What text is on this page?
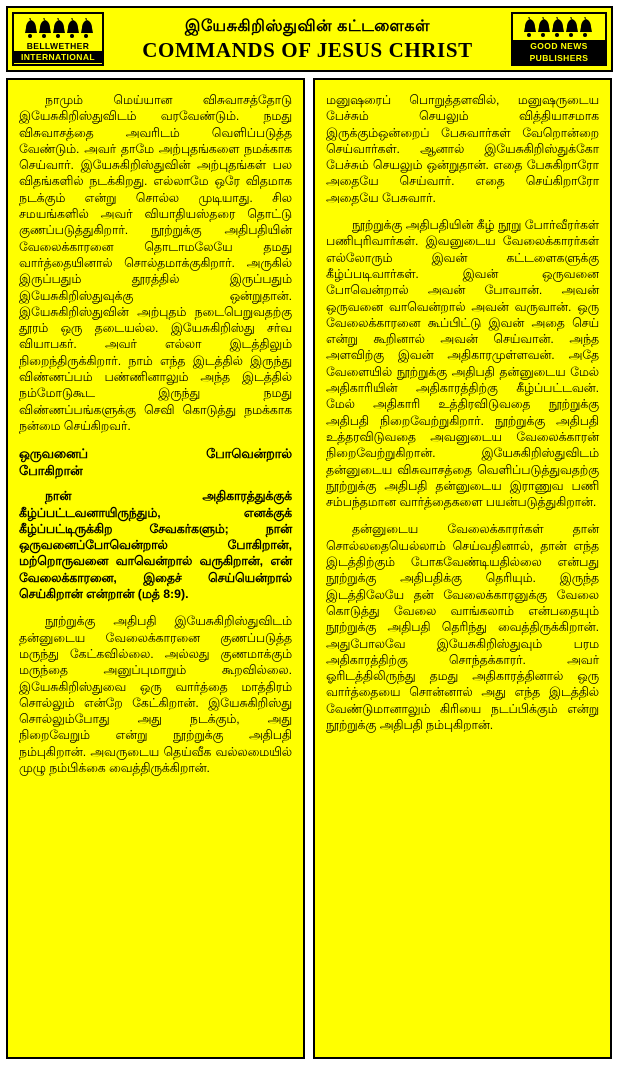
BELLWETHER
INTERNATIONAL
இயேசுகிறிஸ்துவின் கட்டளைகள்
COMMANDS OF JESUS CHRIST	GOOD NEWS
PUBLISHERS

நாமும் மெய்யான விசுவாசத்தோடு இயேசுகிறிஸ்துவிடம் வரவேண்டும். நமது விசுவாசத்தை அவரிடம் வெளிப்படுத்த வேண்டும். அவர் தாமே அற்புதங்களை நமக்காக செய்வார். இயேசுகிறிஸ்துவின் அற்புதங்கள் பல விதங்களில் நடக்கிறது. எல்லாமே ஒரே விதமாக நடக்கும் என்று சொல்ல முடியாது. சில சமயங்களில் அவர் வியாதியஸ்தரை தொட்டு குணப்படுத்துகிறார். நூற்றுக்கு அதிபதியின் வேலைக்காரனை தொடாமலேயே தமது வார்த்தையினால் சொல்தமாக்குகிறார். அருகில் இருப்பதும் தூரத்தில் இருப்பதும் இயேசுகிறிஸ்துவுக்கு ஒன்றுதான். இயேசுகிறிஸ்துவின் அற்புதம் நடைபெறுவதற்கு தூரம் ஒரு தடையல்ல. இயேசுகிறிஸ்து சர்வ வியாபகர். அவர் எல்லா இடத்திலும் நிறைந்திருக்கிறார். நாம் எந்த இடத்தில் இருந்து விண்ணப்பம் பண்ணினாலும் அந்த இடத்தில் நம்மோடுகூட இருந்து நமது விண்ணப்பங்களுக்கு செவி கொடுத்து நமக்காக நன்மை செய்கிறவர்.

ஒருவனைப்	போவென்றால்
போகிறான்

நான் அதிகாரத்துக்குக் கீழ்ப்பட்டவனாயிருந்தும், எனக்குக் கீழ்ப்பட்டிருக்கிற சேவகர்களும்; நான் ஒருவனைப்போவென்றால் போகிறான், மற்றொருவனை வாவென்றால் வருகிறான், என் வேலைக்காரனை, இதைச் செய்யென்றால் செய்கிறான் என்றான் (மத் 8:9).

நூற்றுக்கு அதிபதி இயேசுகிறிஸ்துவிடம் தன்னுடைய வேலைக்காரனை குணப்படுத்த மருந்து கேட்கவில்லை. அல்லது குணமாக்கும் மருந்தை அனுப்புமாறும் கூறவில்லை. இயேசுகிறிஸ்துவை ஒரு வார்த்தை மாத்திரம் சொல்லும் என்றே கேட்கிறான். இயேசுகிறிஸ்து சொல்லும்போது அது நடக்கும், அது நிறைவேறும் என்று நூற்றுக்கு அதிபதி நம்புகிறான். அவருடைய தெய்வீக வல்லமையில் முழு நம்பிக்கை வைத்திருக்கிறான்.

மனுஷரைப் பொறுத்தளவில், மனுஷருடைய பேச்சும் செயலும் வித்தியாசமாக இருக்கும்ஒன்றைப் பேசுவார்கள் வேறொன்றை செய்வார்கள். ஆனால் இயேசுகிறிஸ்துக்கோ பேச்சும் செயலும் ஒன்றுதான். எதை பேசுகிறாரோ அதையே செய்வார். எதை செய்கிறாரோ அதையே பேசுவார்.

நூற்றுக்கு அதிபதியின் கீழ் நூறு போர்வீரர்கள் பணிபுரிவார்கள். இவனுடைய வேலைக்காரர்கள் எல்லோரும் இவன் கட்டளைகளுக்கு கீழ்ப்படிவார்கள். இவன் ஒருவனை போவென்றால் அவன் போவான். அவன் ஒருவனை வாவென்றால் அவன் வருவான். ஒரு வேலைக்காரனை கூப்பிட்டு இவன் அதை செய் என்று கூறினால் அவன் செய்வான். அந்த அளவிற்கு இவன் அதிகாரமுள்ளவன். அதே வேளையில் நூற்றுக்கு அதிபதி தன்னுடைய மேல் அதிகாரியின் அதிகாரத்திற்கு கீழ்ப்பட்டவன். மேல் அதிகாரி உத்திரவிடுவதை நூற்றுக்கு அதிபதி நிறைவேற்றுகிறார். நூற்றுக்கு அதிபதி உத்தரவிடுவதை அவனுடைய வேலைக்காரன் நிறைவேற்றுகிறான். இயேசுகிறிஸ்துவிடம் தன்னுடைய விசுவாசத்தை வெளிப்படுத்துவதற்கு நூற்றுக்கு அதிபதி தன்னுடைய இராணுவ பணி சம்பந்தமான வார்த்தைகளை பயன்படுத்துகிறான்.

தன்னுடைய வேலைக்காரர்கள் தான் சொல்லதையெல்லாம் செய்வதினால், தான் எந்த இடத்திற்கும் போகவேண்டியதில்லை என்பது நூற்றுக்கு அதிபதிக்கு தெரியும். இருந்த இடத்திலேயே தன் வேலைக்காரனுக்கு வேலை கொடுத்து வேலை வாங்கலாம் என்பதையும் நூற்றுக்கு அதிபதி தெரிந்து வைத்திருக்கிறான். அதுபோலவே இயேசுகிறிஸ்துவும் பரம அதிகாரத்திற்கு சொந்தக்காரர். அவர் ஓரிடத்திலிருந்து தமது அதிகாரத்தினால் ஒரு வார்த்தையை சொன்னால் அது எந்த இடத்தில் வேண்டுமானாலும் கிரியை நடப்பிக்கும் என்று நூற்றுக்கு அதிபதி நம்புகிறான்.
